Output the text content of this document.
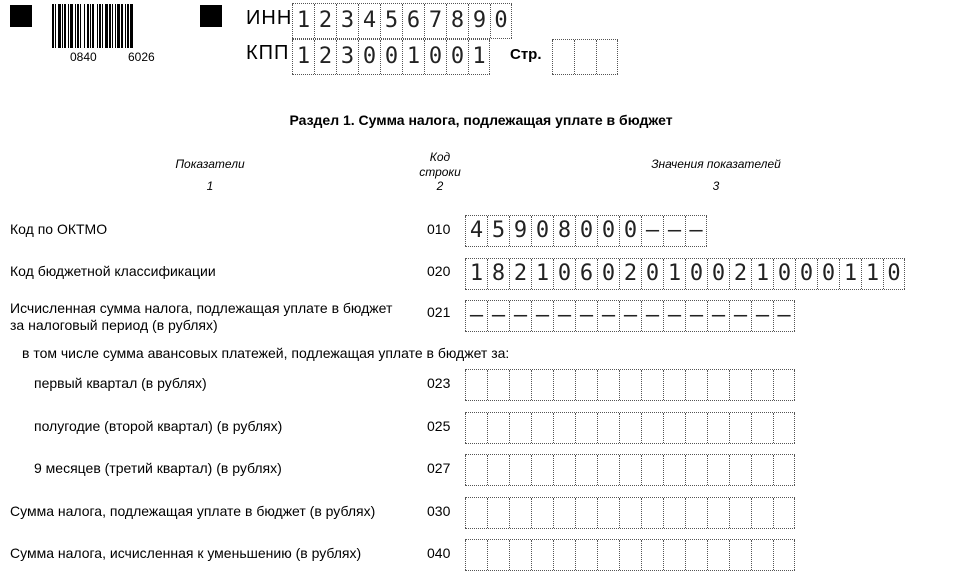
0840	6026
ИНН 1 2 3 4 5 6 7 8 9 0
КПП 1 2 3 0 0 1 0 0 1 Стр.
Раздел 1. Сумма налога, подлежащая уплате в бюджет
Показатели
1
Код
строки
2
Значения показателей
3
Код по ОКТМО	010 4 5 9 0 8 0 0 0 – – –
Код бюджетной классификации	020 1 8 2 1 0 6 0 2 0 1 0 0 2 1 0 0 0 1 1 0
Исчисленная сумма налога, подлежащая уплате в бюджет
за налоговый период (в рублях)
021 – – – – – – – – – – – – – – –
в том числе сумма авансовых платежей, подлежащая уплате в бюджет за:
первый квартал (в рублях)	023
полугодие (второй квартал) (в рублях)	025
9 месяцев (третий квартал) (в рублях)	027
Сумма налога, подлежащая уплате в бюджет (в рублях)	030
Сумма налога, исчисленная к уменьшению (в рублях)	040
